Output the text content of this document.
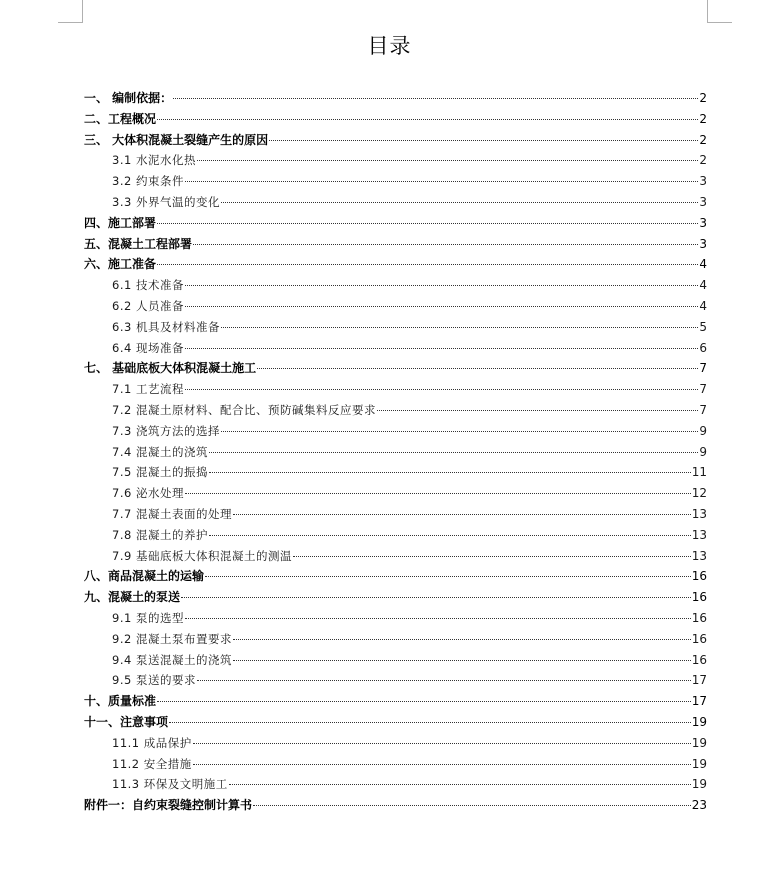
目录
一、 编制依据：	2
二、工程概况	2
三、 大体积混凝土裂缝产生的原因	2
3.1 水泥水化热	2
3.2 约束条件	3
3.3 外界气温的变化	3
四、施工部署	3
五、混凝土工程部署	3
六、施工准备	4
6.1 技术准备	4
6.2 人员准备	4
6.3 机具及材料准备	5
6.4 现场准备	6
七、 基础底板大体积混凝土施工	7
7.1 工艺流程	7
7.2 混凝土原材料、配合比、预防碱集料反应要求	7
7.3 浇筑方法的选择	9
7.4 混凝土的浇筑	9
7.5 混凝土的振捣	11
7.6 泌水处理	12
7.7 混凝土表面的处理	13
7.8 混凝土的养护	13
7.9 基础底板大体积混凝土的测温	13
八、商品混凝土的运输	16
九、混凝土的泵送	16
9.1 泵的选型	16
9.2 混凝土泵布置要求	16
9.4 泵送混凝土的浇筑	16
9.5 泵送的要求	17
十、质量标准	17
十一、注意事项	19
11.1 成品保护	19
11.2 安全措施	19
11.3 环保及文明施工	19
附件一：自约束裂缝控制计算书	23
